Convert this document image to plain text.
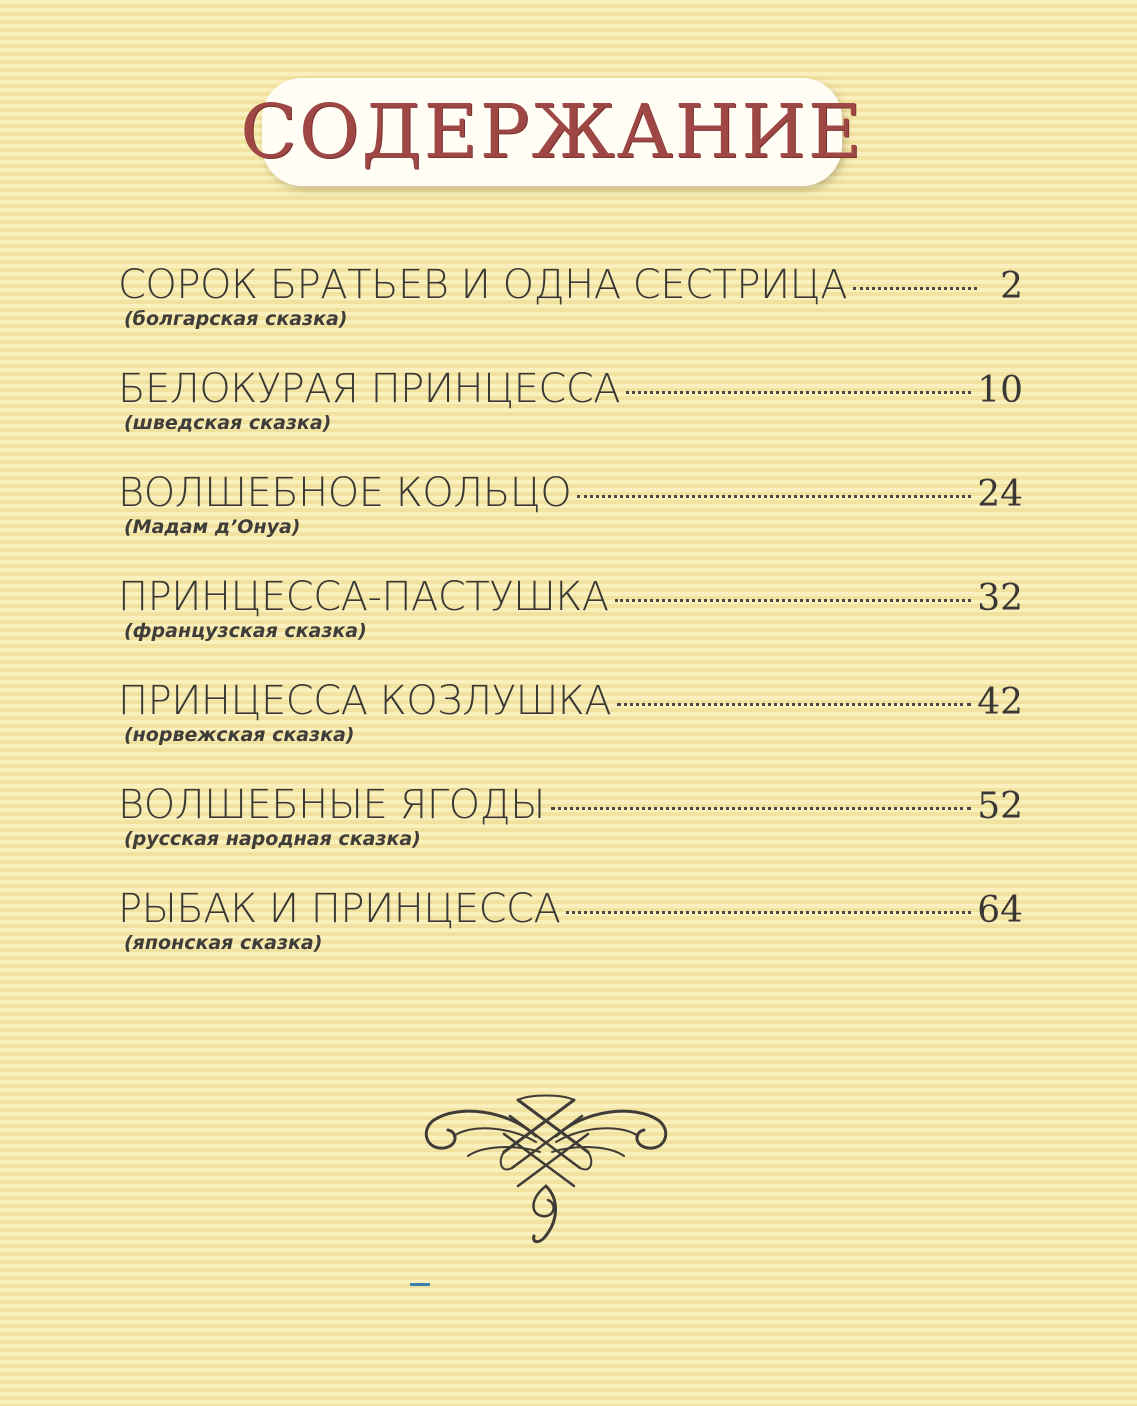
СОДЕРЖАНИЕ
СОРОК БРАТЬЕВ И ОДНА СЕСТРИЦА	2
(болгарская сказка)
БЕЛОКУРАЯ ПРИНЦЕССА	10
(шведская сказка)
ВОЛШЕБНОЕ КОЛЬЦО	24
(Мадам д’Онуа)
ПРИНЦЕССА-ПАСТУШКА	32
(французская сказка)
ПРИНЦЕССА КОЗЛУШКА	42
(норвежская сказка)
ВОЛШЕБНЫЕ ЯГОДЫ	52
(русская народная сказка)
РЫБАК И ПРИНЦЕССА	64
(японская сказка)
